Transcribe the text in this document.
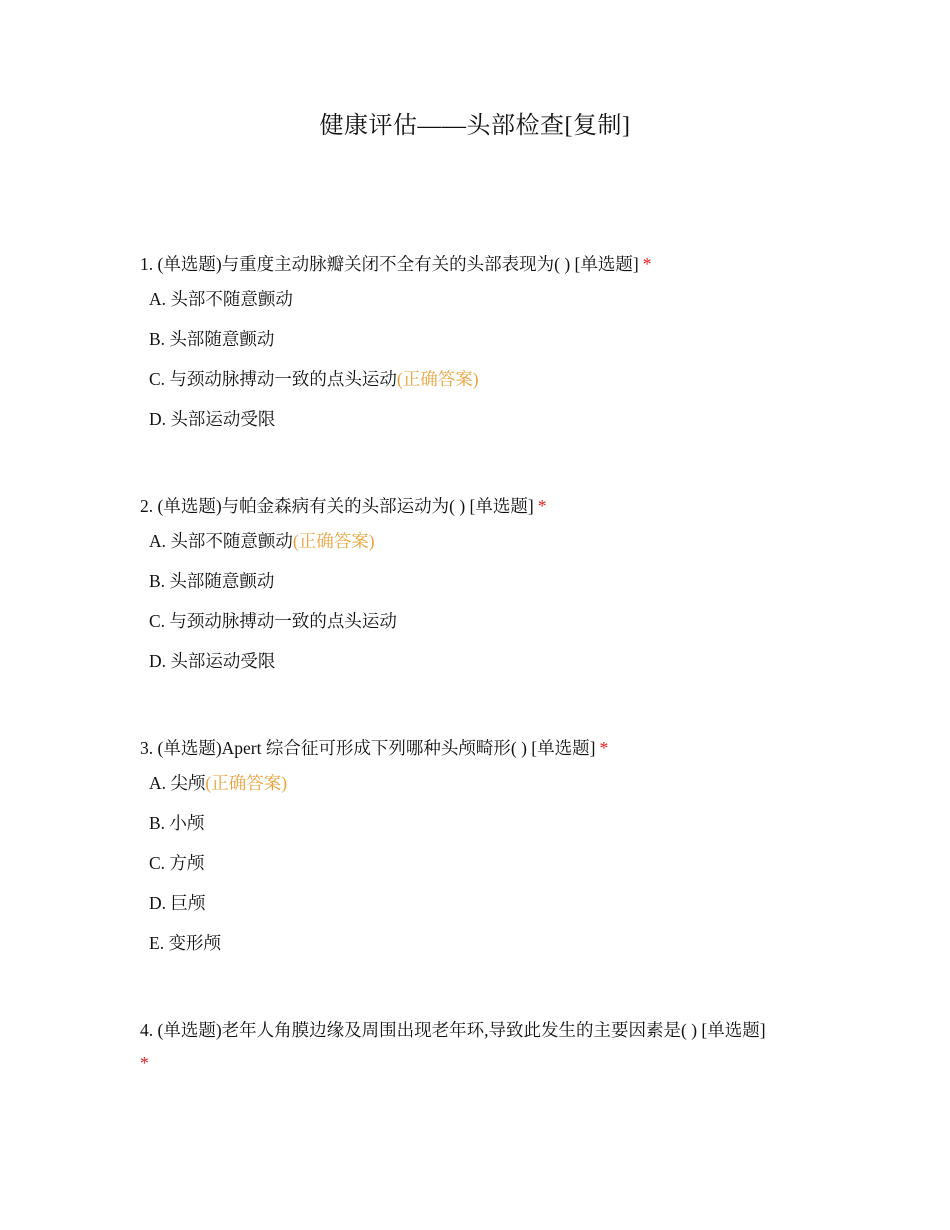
健康评估——头部检查[复制]

1. (单选题)与重度主动脉瓣关闭不全有关的头部表现为( ) [单选题] *

A. 头部不随意颤动
B. 头部随意颤动
C. 与颈动脉搏动一致的点头运动(正确答案)
D. 头部运动受限

2. (单选题)与帕金森病有关的头部运动为( ) [单选题] *

A. 头部不随意颤动(正确答案)
B. 头部随意颤动
C. 与颈动脉搏动一致的点头运动
D. 头部运动受限

3. (单选题)Apert 综合征可形成下列哪种头颅畸形( ) [单选题] *

A. 尖颅(正确答案)
B. 小颅
C. 方颅
D. 巨颅
E. 变形颅

4. (单选题)老年人角膜边缘及周围出现老年环,导致此发生的主要因素是( ) [单选题]
*
